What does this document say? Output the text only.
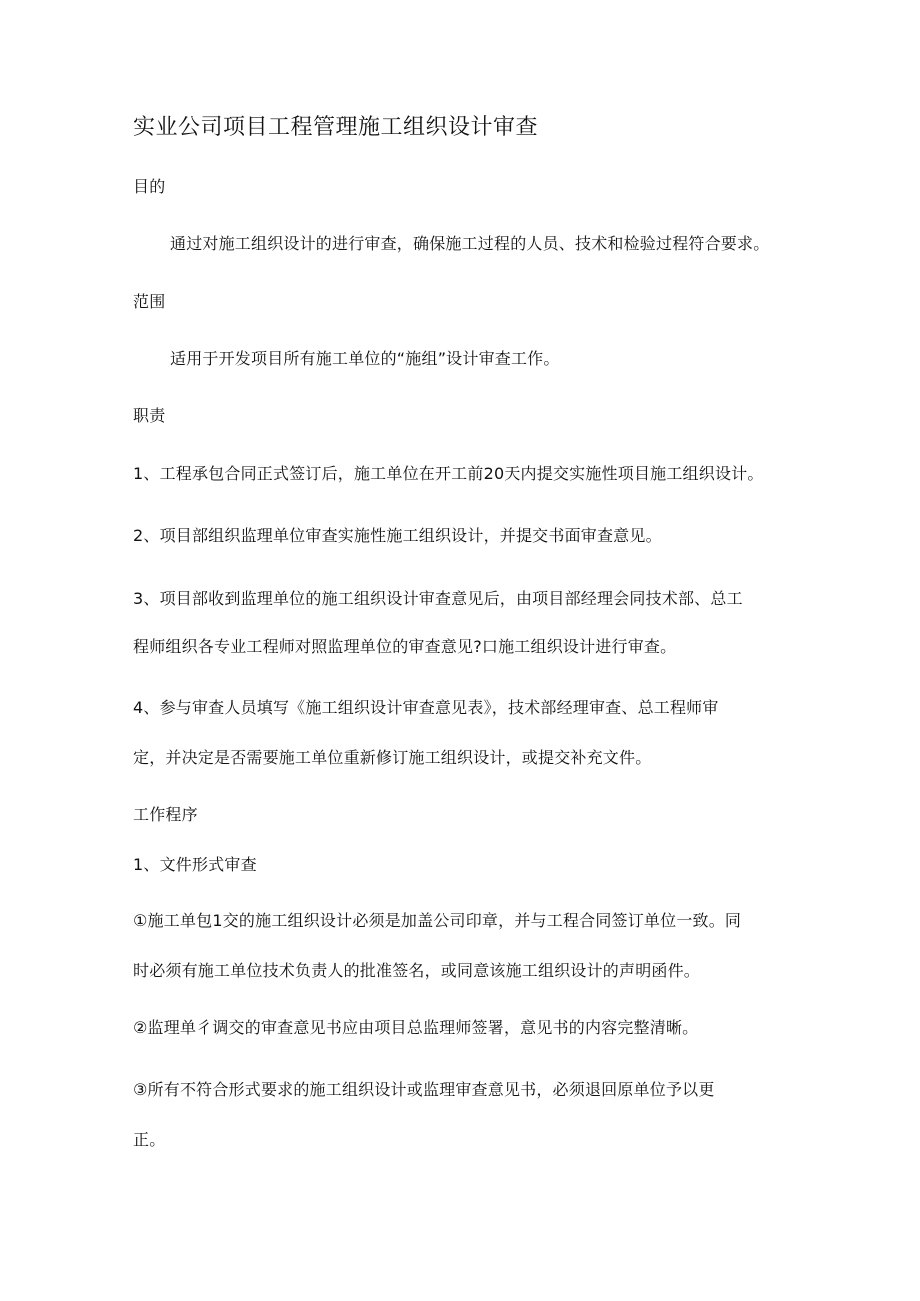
实业公司项目工程管理施工组织设计审查
目的
通过对施工组织设计的进行审查，确保施工过程的人员、技术和检验过程符合要求。
范围
适用于开发项目所有施工单位的“施组”设计审查工作。
职责
1、工程承包合同正式签订后，施工单位在开工前20天内提交实施性项目施工组织设计。
2、项目部组织监理单位审查实施性施工组织设计，并提交书面审查意见。
3、项目部收到监理单位的施工组织设计审查意见后，由项目部经理会同技术部、总工
程师组织各专业工程师对照监理单位的审查意见?口施工组织设计进行审查。
4、参与审查人员填写《施工组织设计审查意见表》，技术部经理审查、总工程师审
定，并决定是否需要施工单位重新修订施工组织设计，或提交补充文件。
工作程序
1、文件形式审查
①施工单包1交的施工组织设计必须是加盖公司印章，并与工程合同签订单位一致。同
时必须有施工单位技术负责人的批准签名，或同意该施工组织设计的声明函件。
②监理单彳调交的审查意见书应由项目总监理师签署，意见书的内容完整清晰。
③所有不符合形式要求的施工组织设计或监理审查意见书，必须退回原单位予以更
正。
